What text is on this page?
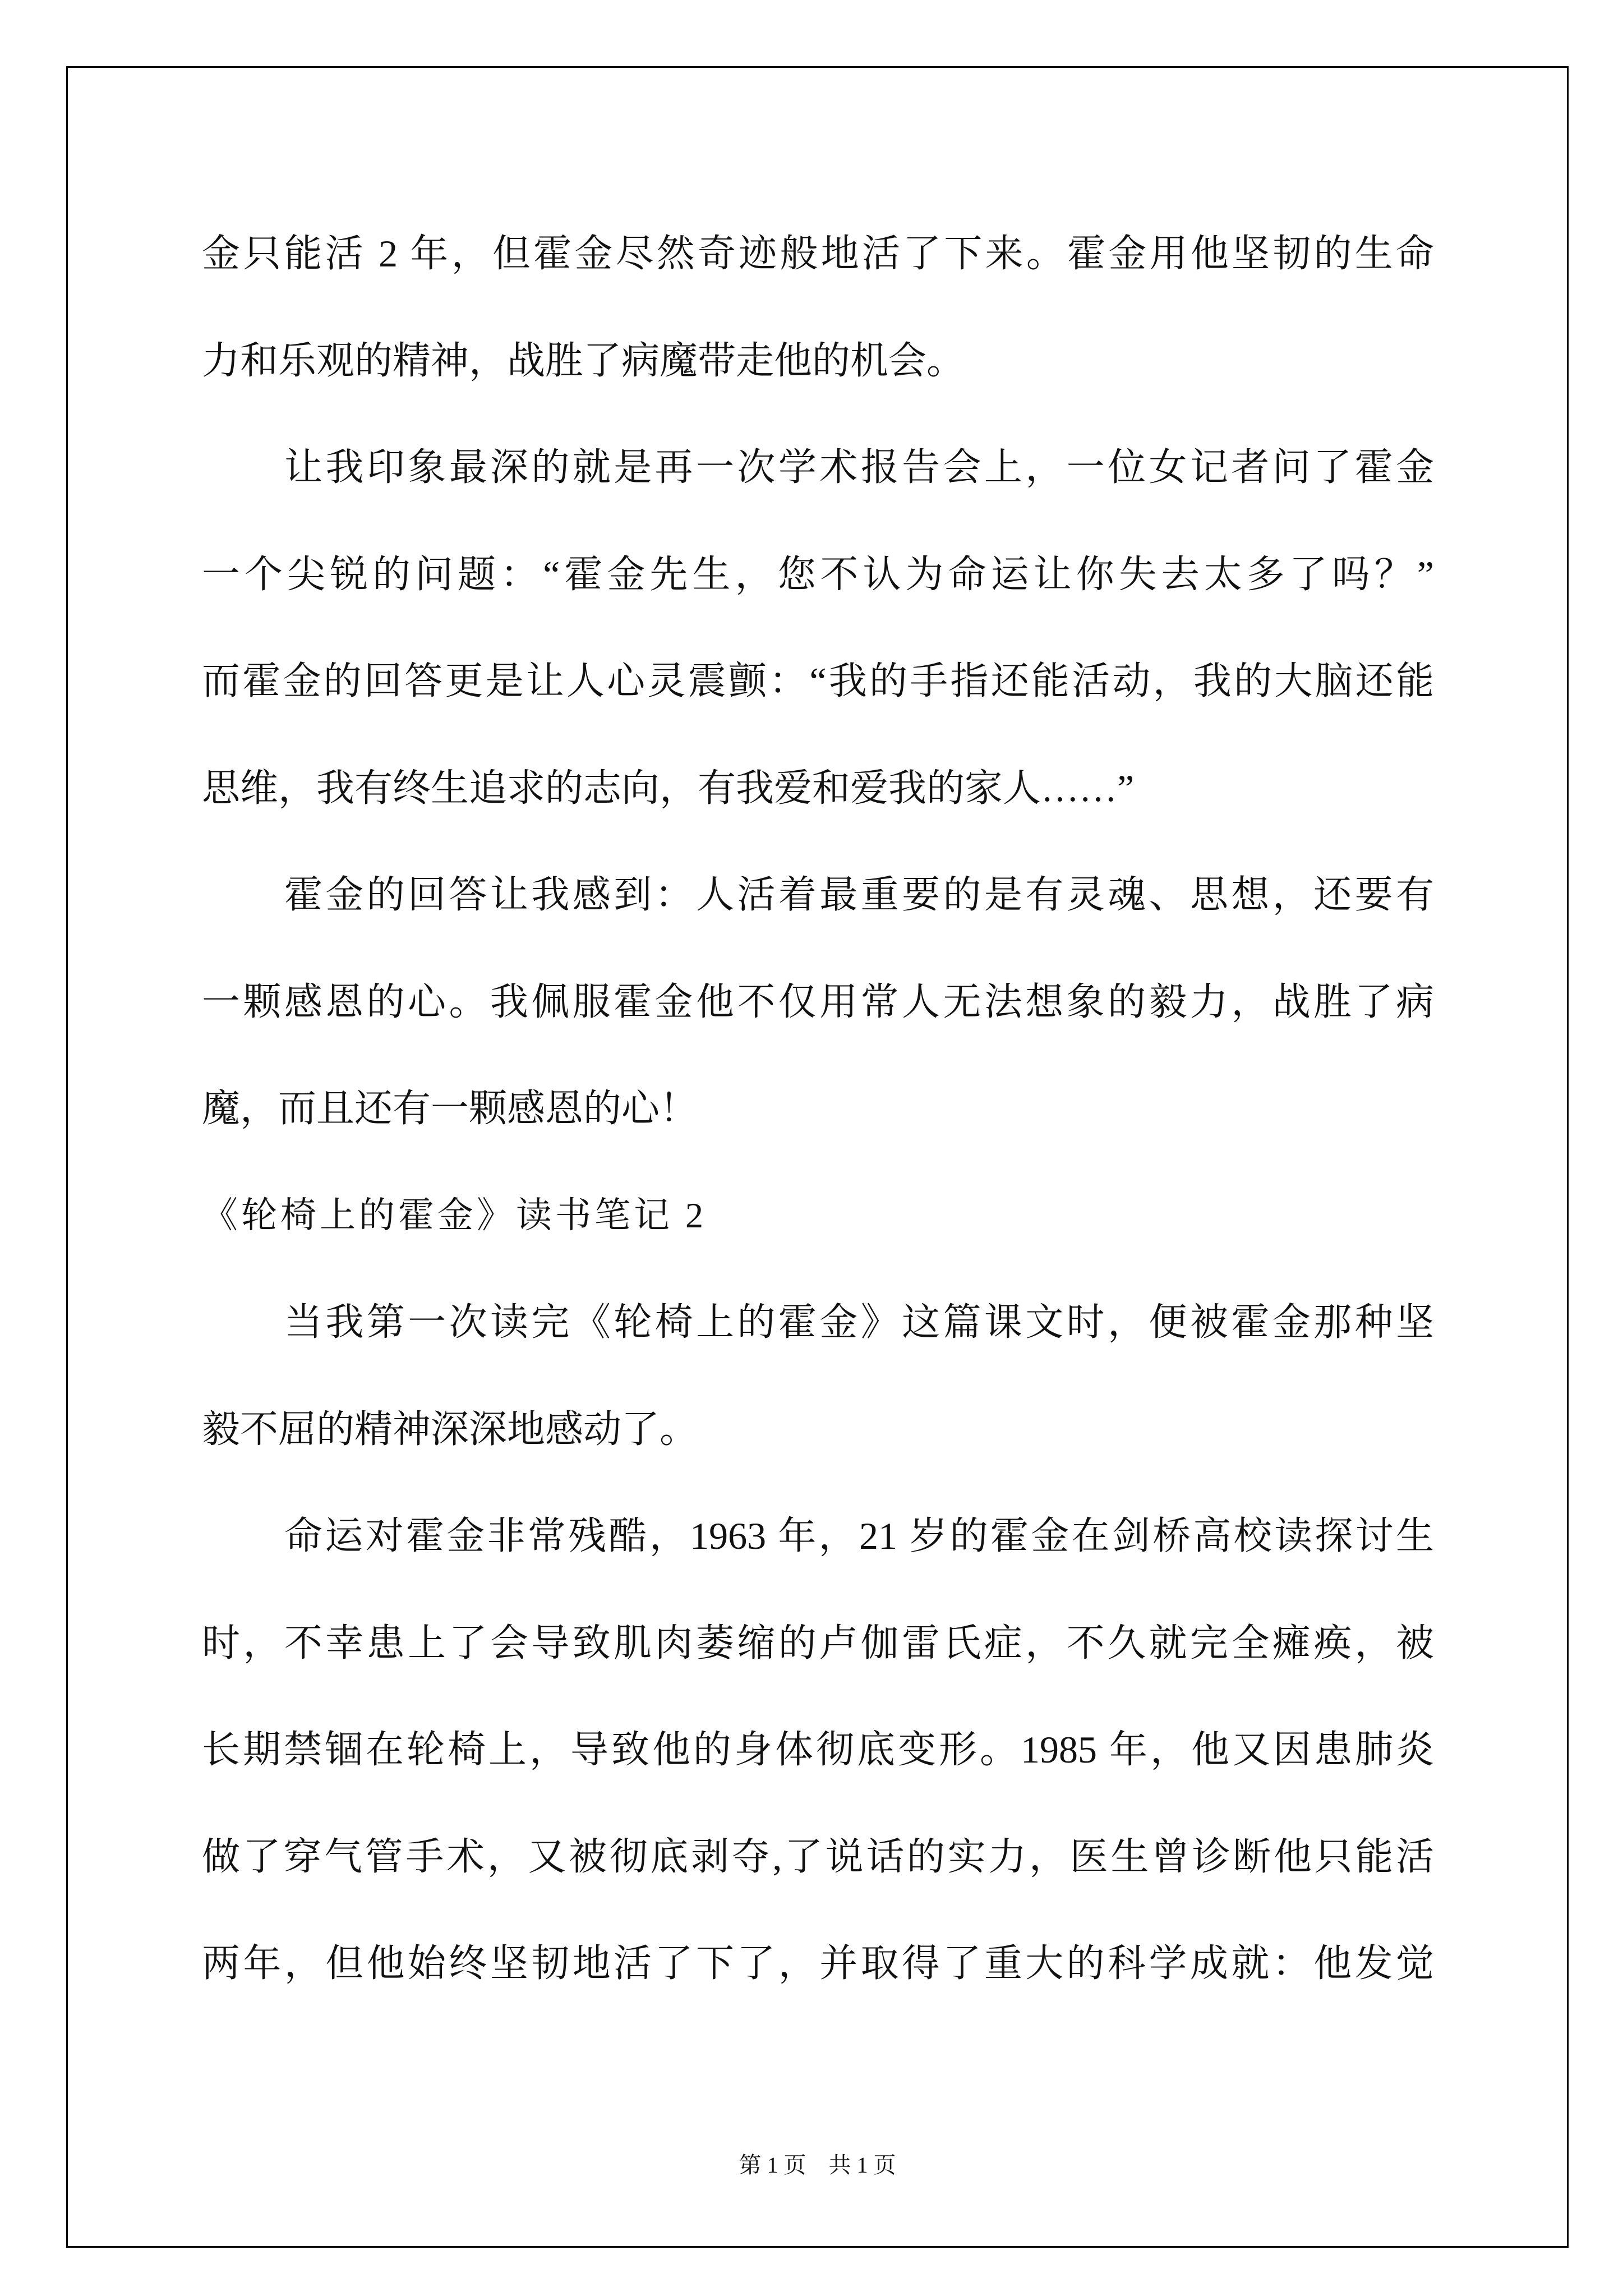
金只能活 2 年，但霍金尽然奇迹般地活了下来。霍金用他坚韧的生命
力和乐观的精神，战胜了病魔带走他的机会。
让我印象最深的就是再一次学术报告会上，一位女记者问了霍金
一个尖锐的问题：“霍金先生，您不认为命运让你失去太多了吗？”
而霍金的回答更是让人心灵震颤：“我的手指还能活动，我的大脑还能
思维，我有终生追求的志向，有我爱和爱我的家人……”
霍金的回答让我感到：人活着最重要的是有灵魂、思想，还要有
一颗感恩的心。我佩服霍金他不仅用常人无法想象的毅力，战胜了病
魔，而且还有一颗感恩的心！
《轮椅上的霍金》读书笔记 2
当我第一次读完《轮椅上的霍金》这篇课文时，便被霍金那种坚
毅不屈的精神深深地感动了。
命运对霍金非常残酷，1963 年，21 岁的霍金在剑桥高校读探讨生
时，不幸患上了会导致肌肉萎缩的卢伽雷氏症，不久就完全瘫痪，被
长期禁锢在轮椅上，导致他的身体彻底变形。1985 年，他又因患肺炎
做了穿气管手术，又被彻底剥夺,了说话的实力，医生曾诊断他只能活
两年，但他始终坚韧地活了下了，并取得了重大的科学成就：他发觉
第 1 页　共 1 页
